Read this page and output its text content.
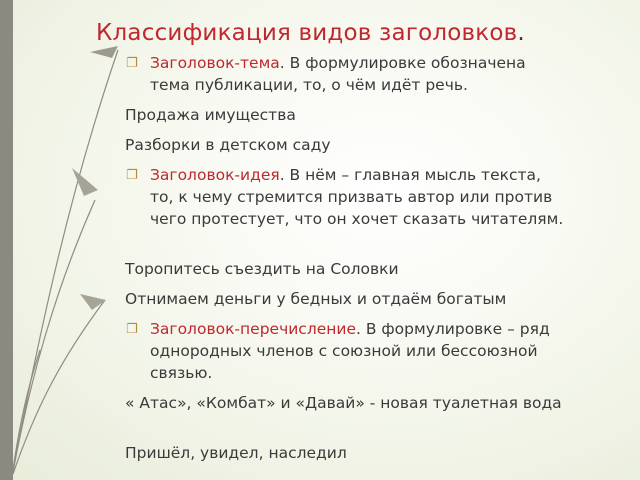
Классификация видов заголовков.
❐ Заголовок-тема. В формулировке обозначена тема публикации, то, о чём идёт речь.
Продажа имущества
Разборки в детском саду
❐ Заголовок-идея. В нём – главная мысль текста, то, к чему стремится призвать автор или против чего протестует, что он хочет сказать читателям.
Торопитесь съездить на Соловки
Отнимаем деньги у бедных и отдаём богатым
❐ Заголовок-перечисление. В формулировке – ряд однородных членов с союзной или бессоюзной связью.
« Атас», «Комбат» и «Давай» - новая туалетная вода
Пришёл, увидел, наследил
